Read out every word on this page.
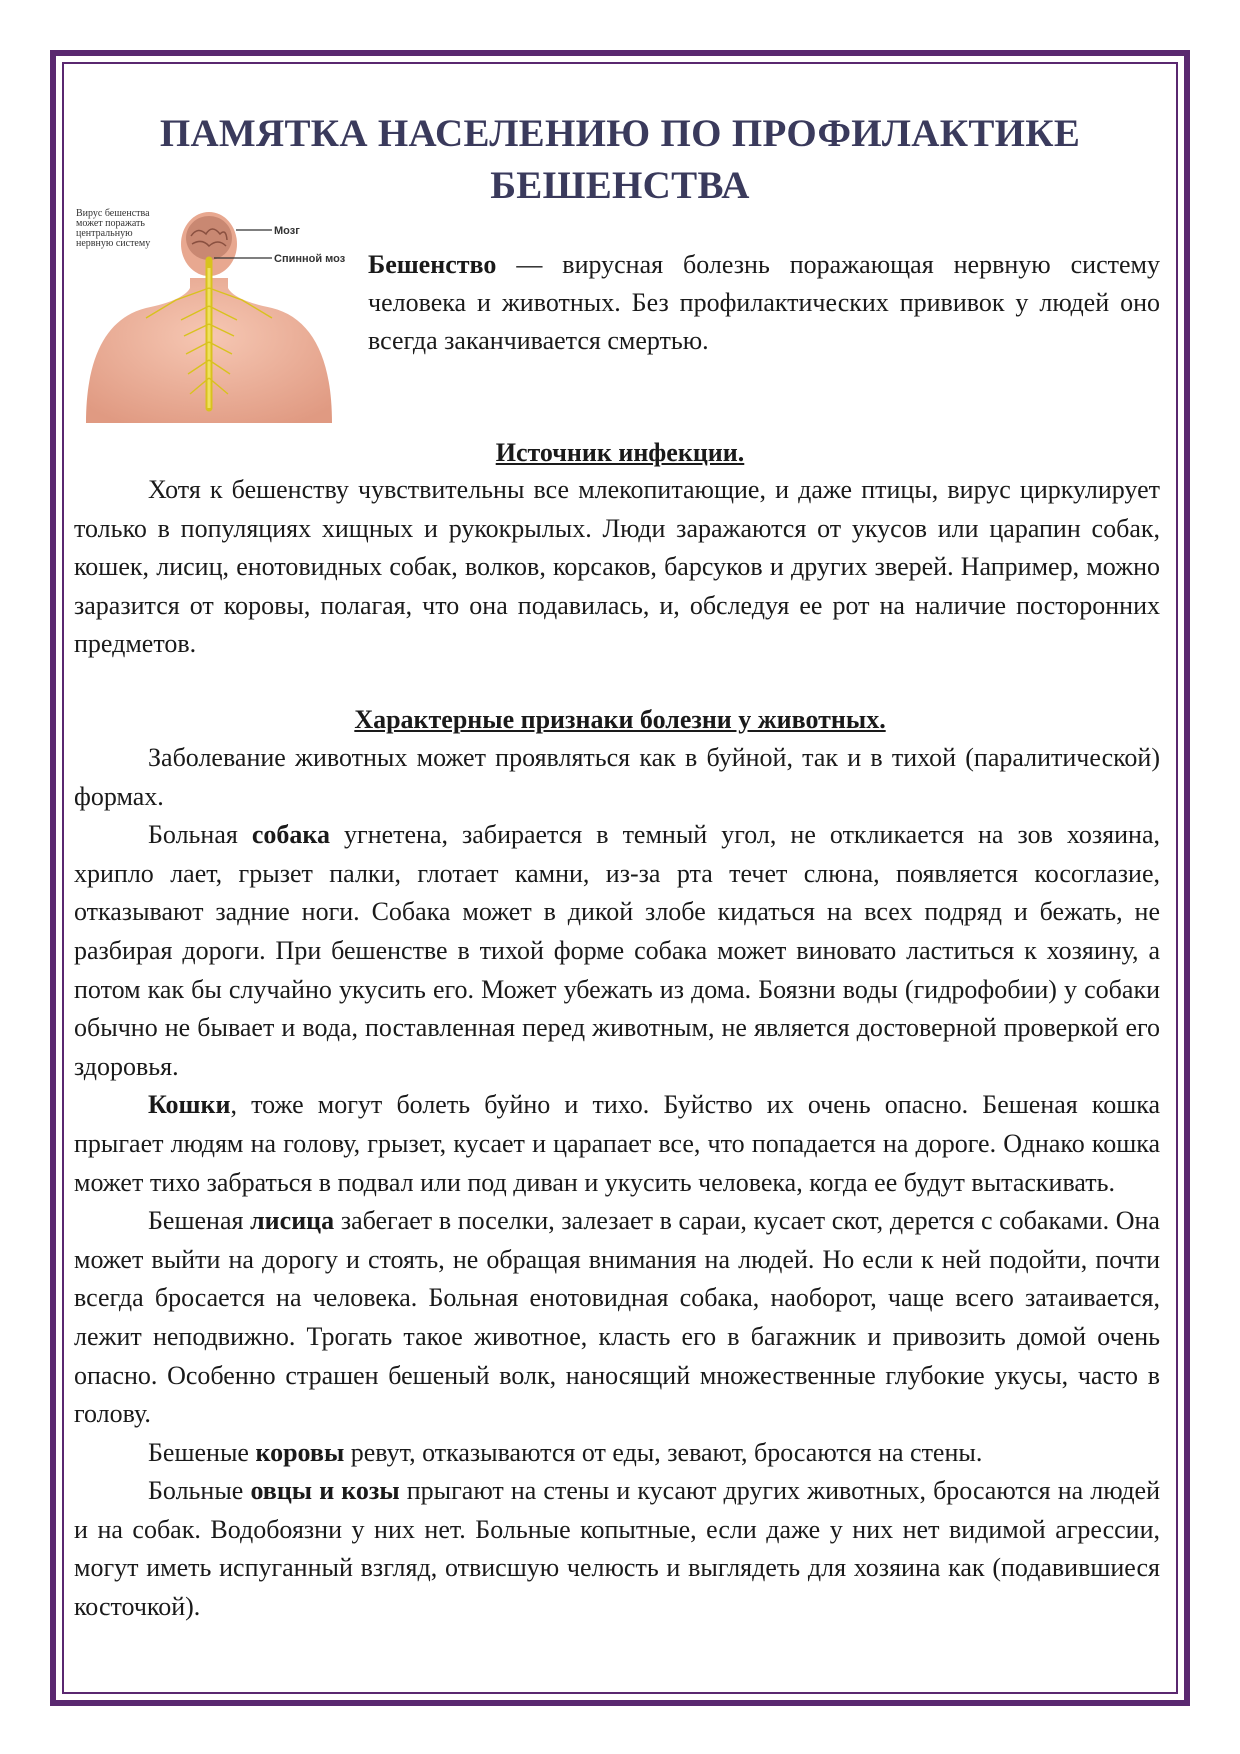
ПАМЯТКА НАСЕЛЕНИЮ ПО ПРОФИЛАКТИКЕ
БЕШЕНСТВА
Вирус бешенства
может поражать
центральную
нервную систему
Мозг
Спинной мозг Бешенство — вирусная болезнь поражающая нервную систему человека и животных. Без профилактических прививок у людей оно всегда заканчивается смертью.

Источник инфекции.

Хотя к бешенству чувствительны все млекопитающие, и даже птицы, вирус циркулирует только в популяциях хищных и рукокрылых. Люди заражаются от укусов или царапин собак, кошек, лисиц, енотовидных собак, волков, корсаков, барсуков и других зверей. Например, можно заразится от коровы, полагая, что она подавилась, и, обследуя ее рот на наличие посторонних предметов.

Характерные признаки болезни у животных.

Заболевание животных может проявляться как в буйной, так и в тихой (паралитической) формах.

Больная собака угнетена, забирается в темный угол, не откликается на зов хозяина, хрипло лает, грызет палки, глотает камни, из-за рта течет слюна, появляется косоглазие, отказывают задние ноги. Собака может в дикой злобе кидаться на всех подряд и бежать, не разбирая дороги. При бешенстве в тихой форме собака может виновато ластиться к хозяину, а потом как бы случайно укусить его. Может убежать из дома. Боязни воды (гидрофобии) у собаки обычно не бывает и вода, поставленная перед животным, не является достоверной проверкой его здоровья.

Кошки, тоже могут болеть буйно и тихо. Буйство их очень опасно. Бешеная кошка прыгает людям на голову, грызет, кусает и царапает все, что попадается на дороге. Однако кошка может тихо забраться в подвал или под диван и укусить человека, когда ее будут вытаскивать.

Бешеная лисица забегает в поселки, залезает в сараи, кусает скот, дерется с собаками. Она может выйти на дорогу и стоять, не обращая внимания на людей. Но если к ней подойти, почти всегда бросается на человека. Больная енотовидная собака, наоборот, чаще всего затаивается, лежит неподвижно. Трогать такое животное, класть его в багажник и привозить домой очень опасно. Особенно страшен бешеный волк, наносящий множественные глубокие укусы, часто в голову.

Бешеные коровы ревут, отказываются от еды, зевают, бросаются на стены.

Больные овцы и козы прыгают на стены и кусают других животных, бросаются на людей и на собак. Водобоязни у них нет. Больные копытные, если даже у них нет видимой агрессии, могут иметь испуганный взгляд, отвисшую челюсть и выглядеть для хозяина как (подавившиеся косточкой).
